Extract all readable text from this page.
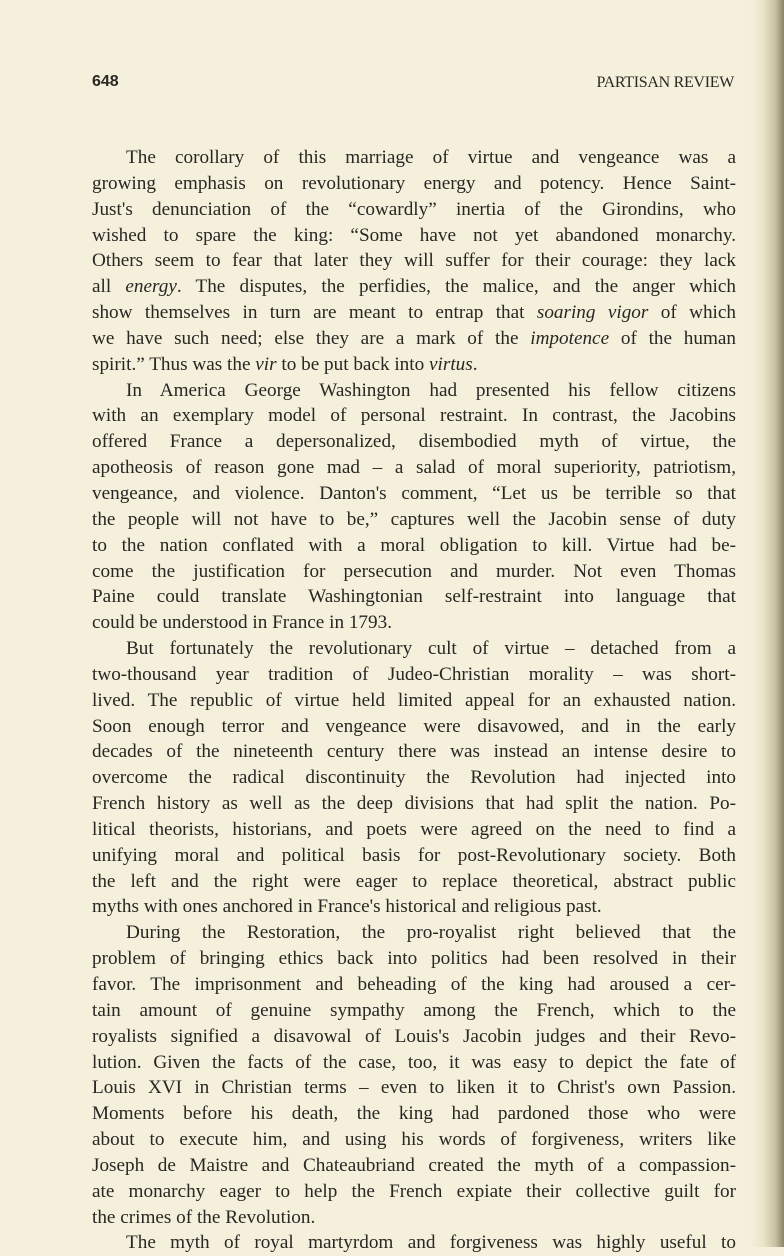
648	PARTISAN REVIEW
The corollary of this marriage of virtue and vengeance was a
growing emphasis on revolutionary energy and potency. Hence Saint-
Just's denunciation of the “cowardly” inertia of the Girondins, who
wished to spare the king: “Some have not yet abandoned monarchy.
Others seem to fear that later they will suffer for their courage: they lack
all energy. The disputes, the perfidies, the malice, and the anger which
show themselves in turn are meant to entrap that soaring vigor of which
we have such need; else they are a mark of the impotence of the human
spirit.” Thus was the vir to be put back into virtus.
In America George Washington had presented his fellow citizens
with an exemplary model of personal restraint. In contrast, the Jacobins
offered France a depersonalized, disembodied myth of virtue, the
apotheosis of reason gone mad – a salad of moral superiority, patriotism,
vengeance, and violence. Danton's comment, “Let us be terrible so that
the people will not have to be,” captures well the Jacobin sense of duty
to the nation conflated with a moral obligation to kill. Virtue had be-
come the justification for persecution and murder. Not even Thomas
Paine could translate Washingtonian self-restraint into language that
could be understood in France in 1793.
But fortunately the revolutionary cult of virtue – detached from a
two-thousand year tradition of Judeo-Christian morality – was short-
lived. The republic of virtue held limited appeal for an exhausted nation.
Soon enough terror and vengeance were disavowed, and in the early
decades of the nineteenth century there was instead an intense desire to
overcome the radical discontinuity the Revolution had injected into
French history as well as the deep divisions that had split the nation. Po-
litical theorists, historians, and poets were agreed on the need to find a
unifying moral and political basis for post-Revolutionary society. Both
the left and the right were eager to replace theoretical, abstract public
myths with ones anchored in France's historical and religious past.
During the Restoration, the pro-royalist right believed that the
problem of bringing ethics back into politics had been resolved in their
favor. The imprisonment and beheading of the king had aroused a cer-
tain amount of genuine sympathy among the French, which to the
royalists signified a disavowal of Louis's Jacobin judges and their Revo-
lution. Given the facts of the case, too, it was easy to depict the fate of
Louis XVI in Christian terms – even to liken it to Christ's own Passion.
Moments before his death, the king had pardoned those who were
about to execute him, and using his words of forgiveness, writers like
Joseph de Maistre and Chateaubriand created the myth of a compassion-
ate monarchy eager to help the French expiate their collective guilt for
the crimes of the Revolution.
The myth of royal martyrdom and forgiveness was highly useful to
